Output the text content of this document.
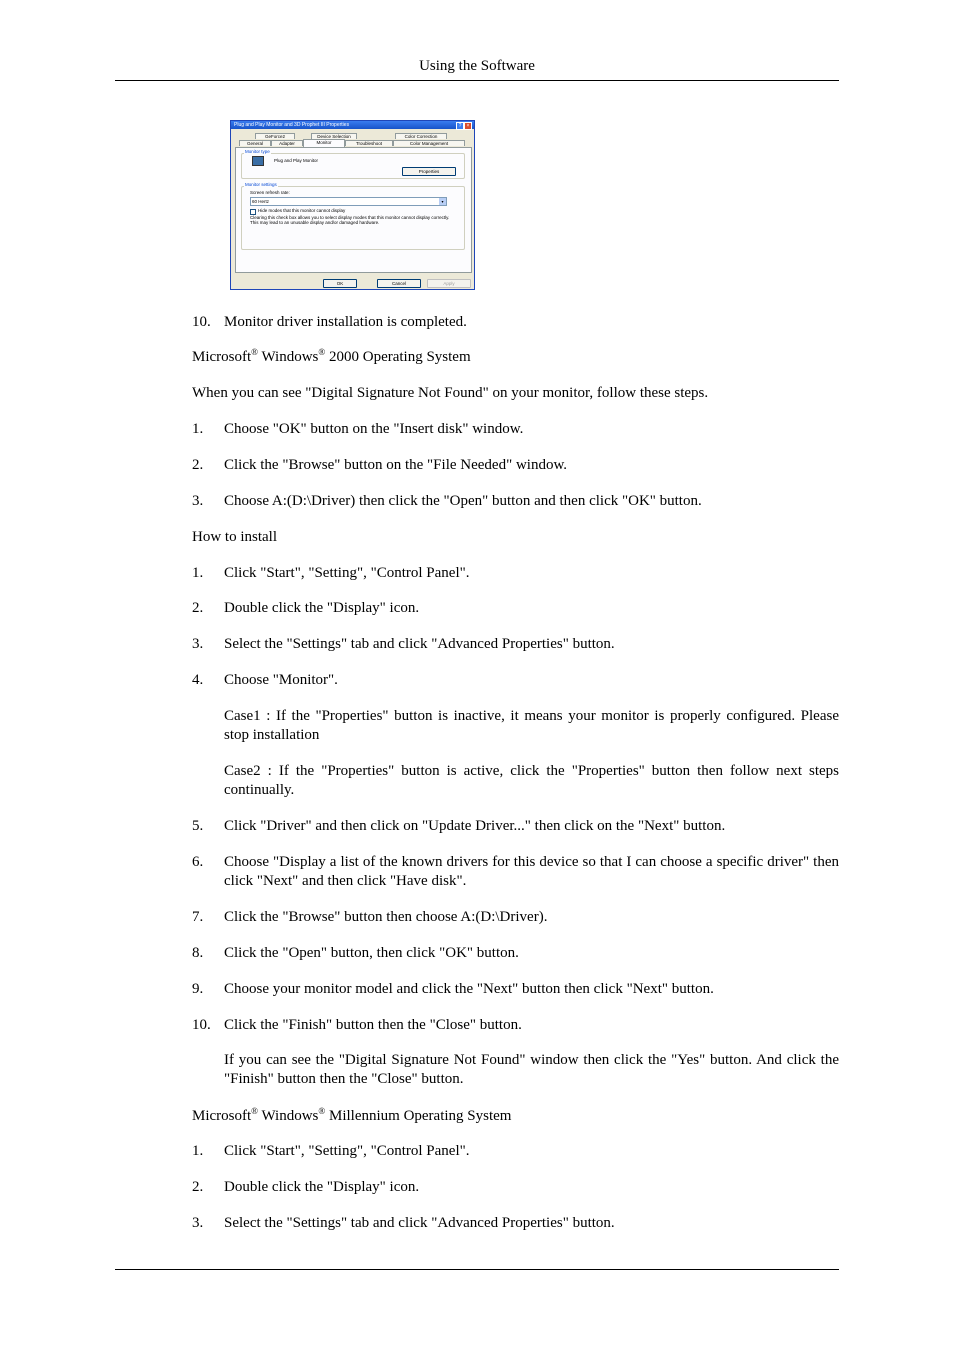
Using the Software
Plug and Play Monitor and 3D Prophet III Properties	?	×
GeForce2	Device Selection	Color Correction
General	Adapter	Monitor	Troubleshoot	Color Management
Monitor type
Plug and Play Monitor
Properties
Monitor settings
Screen refresh rate:
60 Hertz	▾
Hide modes that this monitor cannot display
Clearing this check box allows you to select display modes that this monitor cannot display correctly. This may lead to an unusable display and/or damaged hardware.
OK	Cancel	Apply
10. Monitor driver installation is completed.
Microsoft® Windows® 2000 Operating System
When you can see "Digital Signature Not Found" on your monitor, follow these steps.
1.	Choose "OK" button on the "Insert disk" window.
2.	Click the "Browse" button on the "File Needed" window.
3.	Choose A:(D:\Driver) then click the "Open" button and then click "OK" button.
How to install
1.	Click "Start", "Setting", "Control Panel".
2.	Double click the "Display" icon.
3.	Select the "Settings" tab and click "Advanced Properties" button.
4.	Choose "Monitor".
Case1 : If the "Properties" button is inactive, it means your monitor is properly configured. Please stop installation
Case2 : If the "Properties" button is active, click the "Properties" button then follow next steps continually.
5.	Click "Driver" and then click on "Update Driver..." then click on the "Next" button.
6.	Choose "Display a list of the known drivers for this device so that I can choose a specific driver" then click "Next" and then click "Have disk".
7.	Click the "Browse" button then choose A:(D:\Driver).
8.	Click the "Open" button, then click "OK" button.
9.	Choose your monitor model and click the "Next" button then click "Next" button.
10. Click the "Finish" button then the "Close" button.
If you can see the "Digital Signature Not Found" window then click the "Yes" button. And click the "Finish" button then the "Close" button.
Microsoft® Windows® Millennium Operating System
1.	Click "Start", "Setting", "Control Panel".
2.	Double click the "Display" icon.
3.	Select the "Settings" tab and click "Advanced Properties" button.
